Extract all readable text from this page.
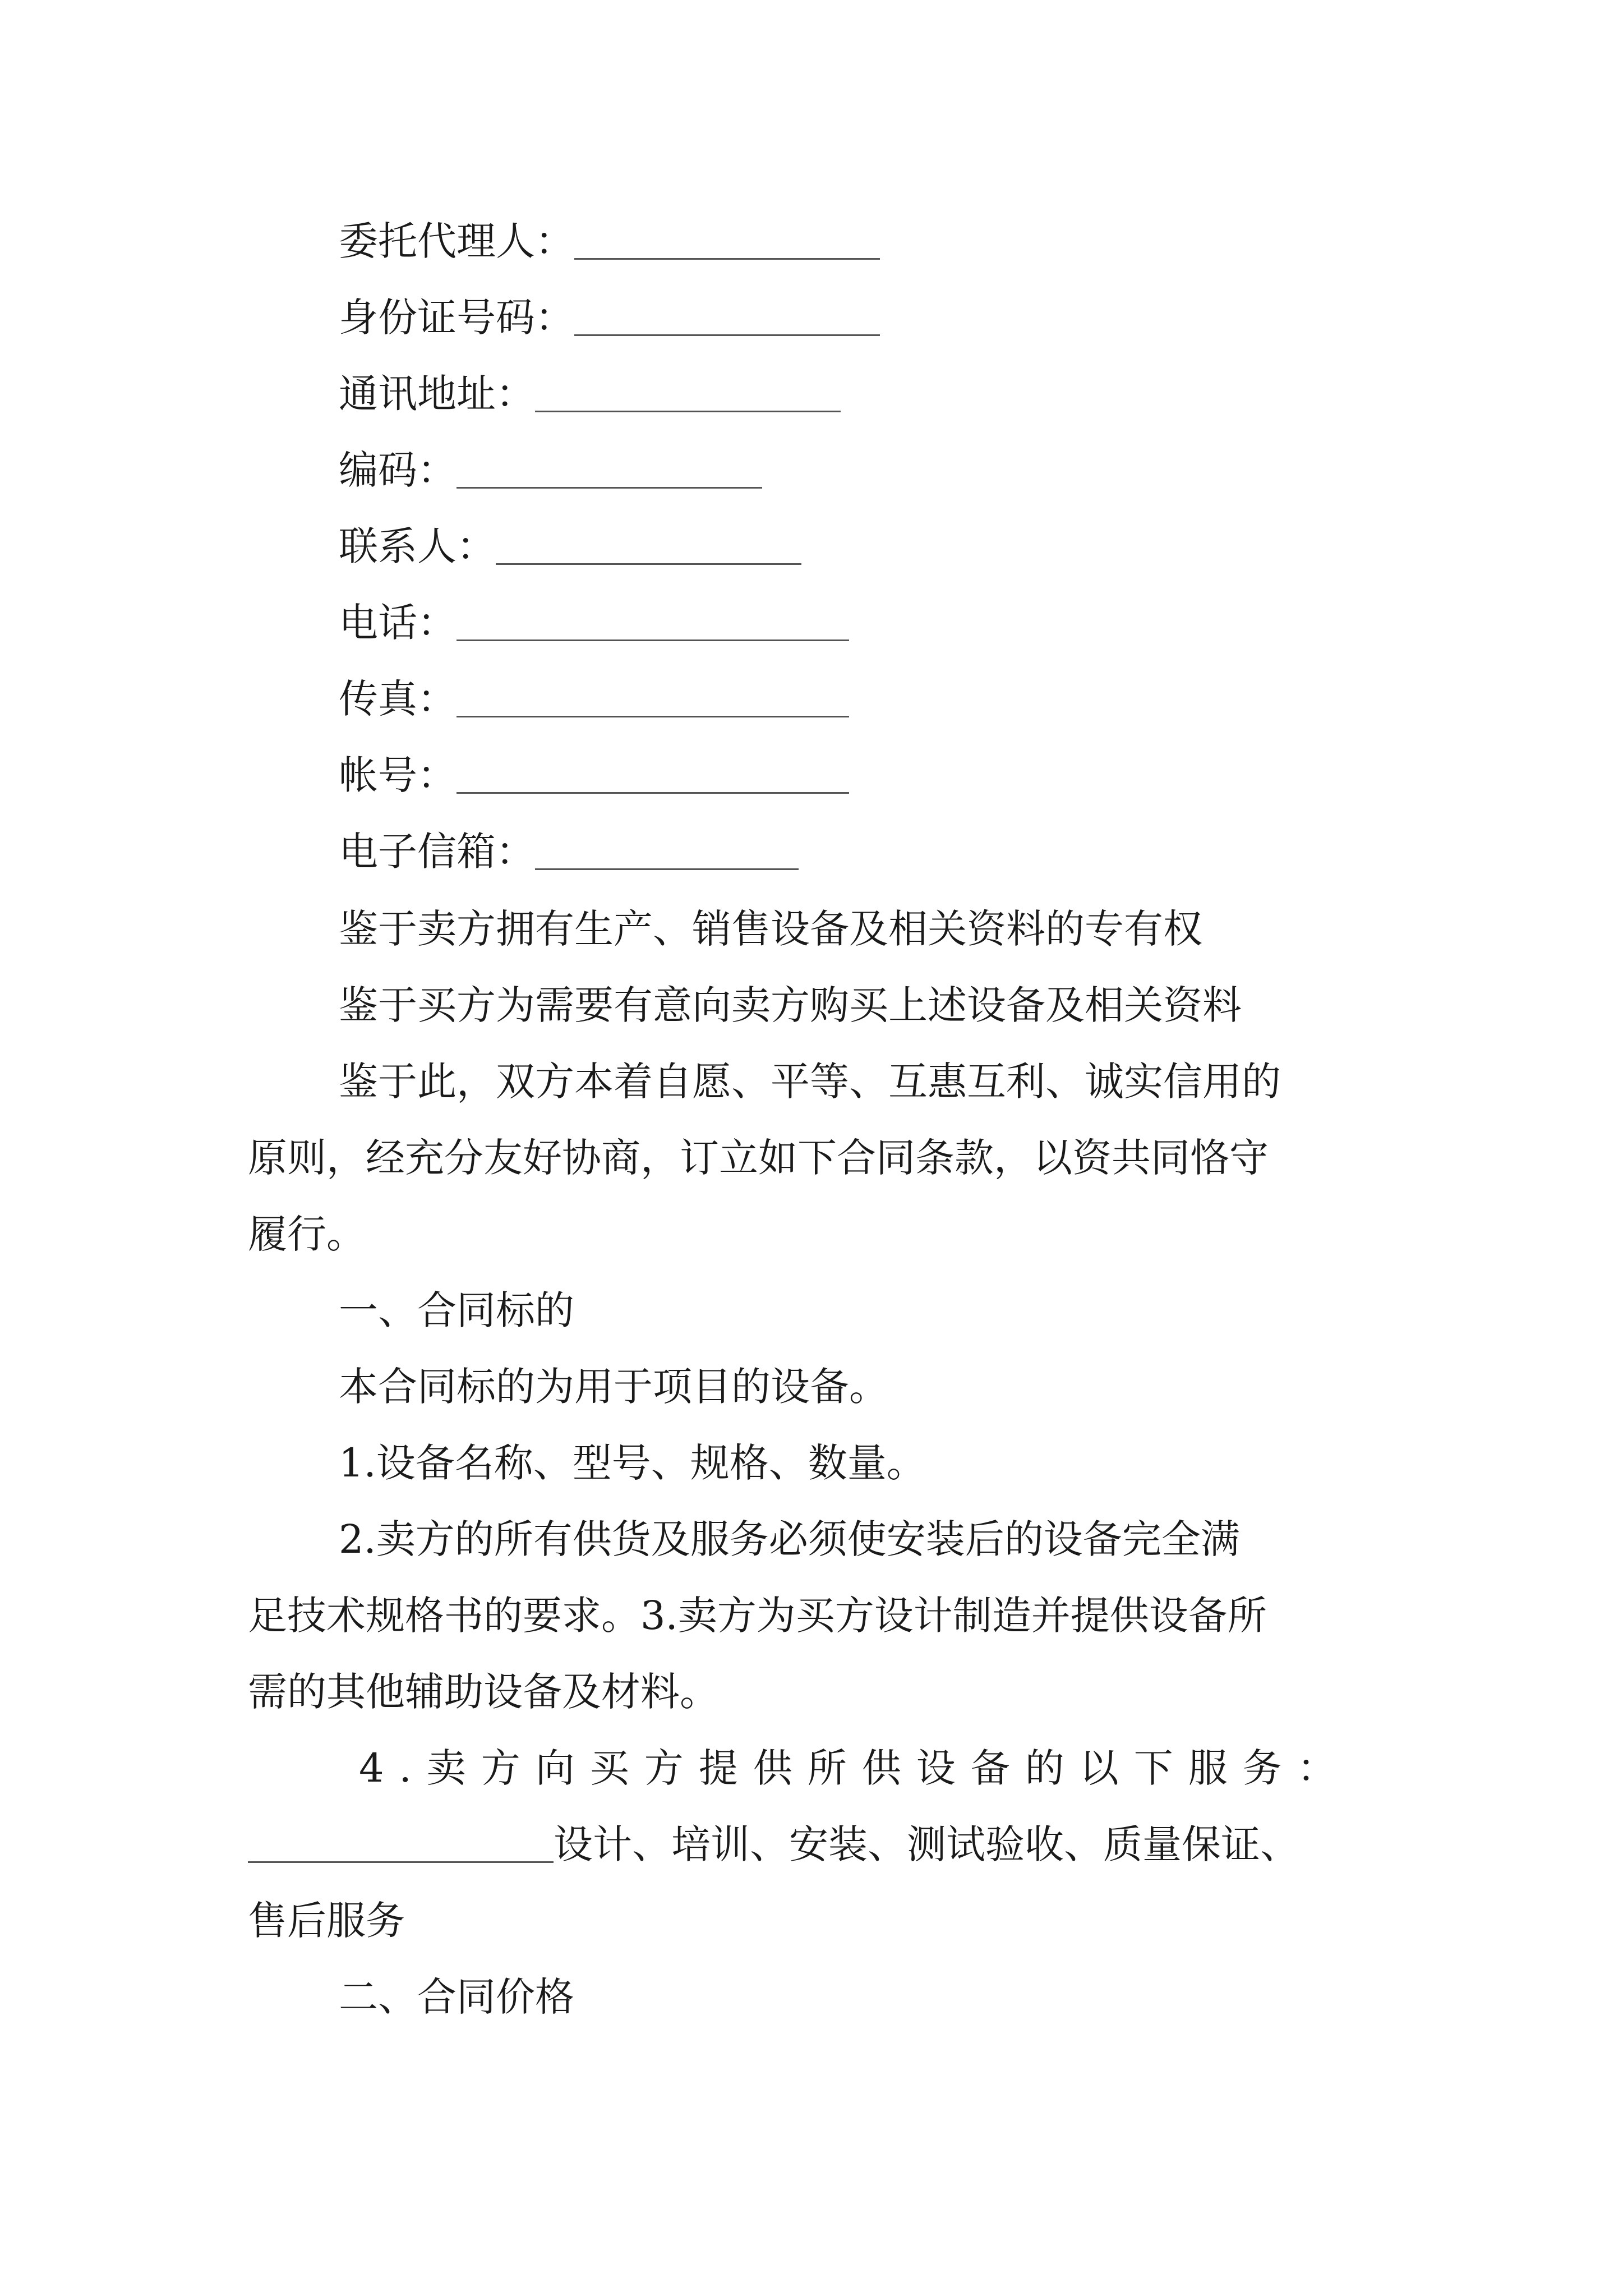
委托代理人：
身份证号码：
通讯地址：
编码：
联系人：
电话：
传真：
帐号：
电子信箱：
鉴于卖方拥有生产、销售设备及相关资料的专有权
鉴于买方为需要有意向卖方购买上述设备及相关资料
鉴于此，双方本着自愿、平等、互惠互利、诚实信用的
原则，经充分友好协商，订立如下合同条款，以资共同恪守
履行。
一、合同标的
本合同标的为用于项目的设备。
1.设备名称、型号、规格、数量。
2.卖方的所有供货及服务必须使安装后的设备完全满
足技术规格书的要求。3.卖方为买方设计制造并提供设备所
需的其他辅助设备及材料。
4.卖方向买方提供所供设备的以下服务：
设计、培训、安装、测试验收、质量保证、
售后服务
二、合同价格
